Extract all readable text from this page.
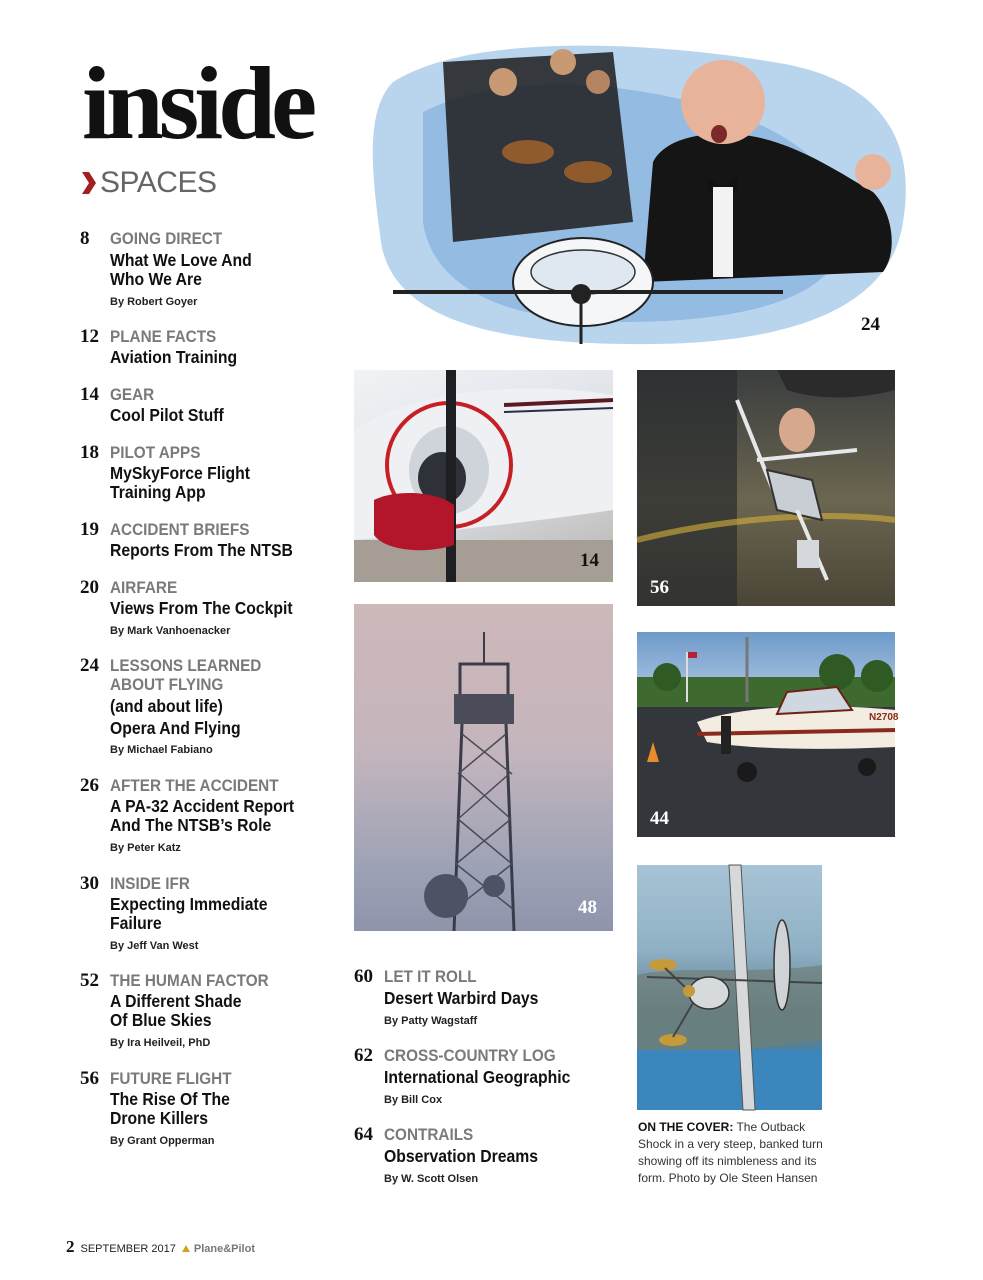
inside
SPACES
8 GOING DIRECT
What We Love And
Who We Are
By Robert Goyer
12 PLANE FACTS
Aviation Training
14 GEAR
Cool Pilot Stuff
18 PILOT APPS
MySkyForce Flight
Training App
19 ACCIDENT BRIEFS
Reports From The NTSB
20 AIRFARE
Views From The Cockpit
By Mark Vanhoenacker
24 LESSONS LEARNED
ABOUT FLYING
(and about life)
Opera And Flying
By Michael Fabiano
26 AFTER THE ACCIDENT
A PA-32 Accident Report
And The NTSB’s Role
By Peter Katz
30 INSIDE IFR
Expecting Immediate
Failure
By Jeff Van West
52 THE HUMAN FACTOR
A Different Shade
Of Blue Skies
By Ira Heilveil, PhD
56 FUTURE FLIGHT
The Rise Of The
Drone Killers
By Grant Opperman
60 LET IT ROLL
Desert Warbird Days
By Patty Wagstaff
62 CROSS-COUNTRY LOG
International Geographic
By Bill Cox
64 CONTRAILS
Observation Dreams
By W. Scott Olsen
24
14
56
48
N2708
44
ON THE COVER: The Outback Shock in a very steep, banked turn showing off its nimbleness and its form. Photo by Ole Steen Hansen
2 SEPTEMBER 2017 Plane&Pilot
